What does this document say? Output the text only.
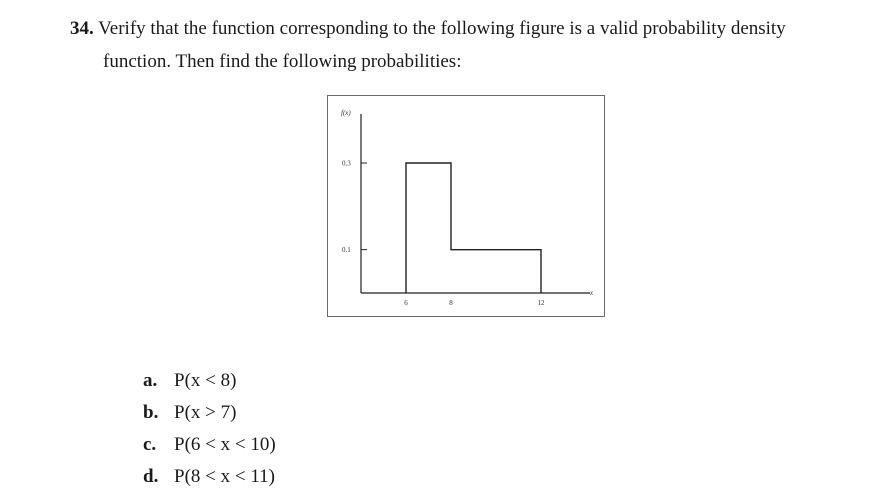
34. Verify that the function corresponding to the following figure is a valid probability density
function. Then find the following probabilities:
f(x)
x
0.3
0.1
6	8	12
a. P(x < 8)
b. P(x > 7)
c. P(6 < x < 10)
d. P(8 < x < 11)
